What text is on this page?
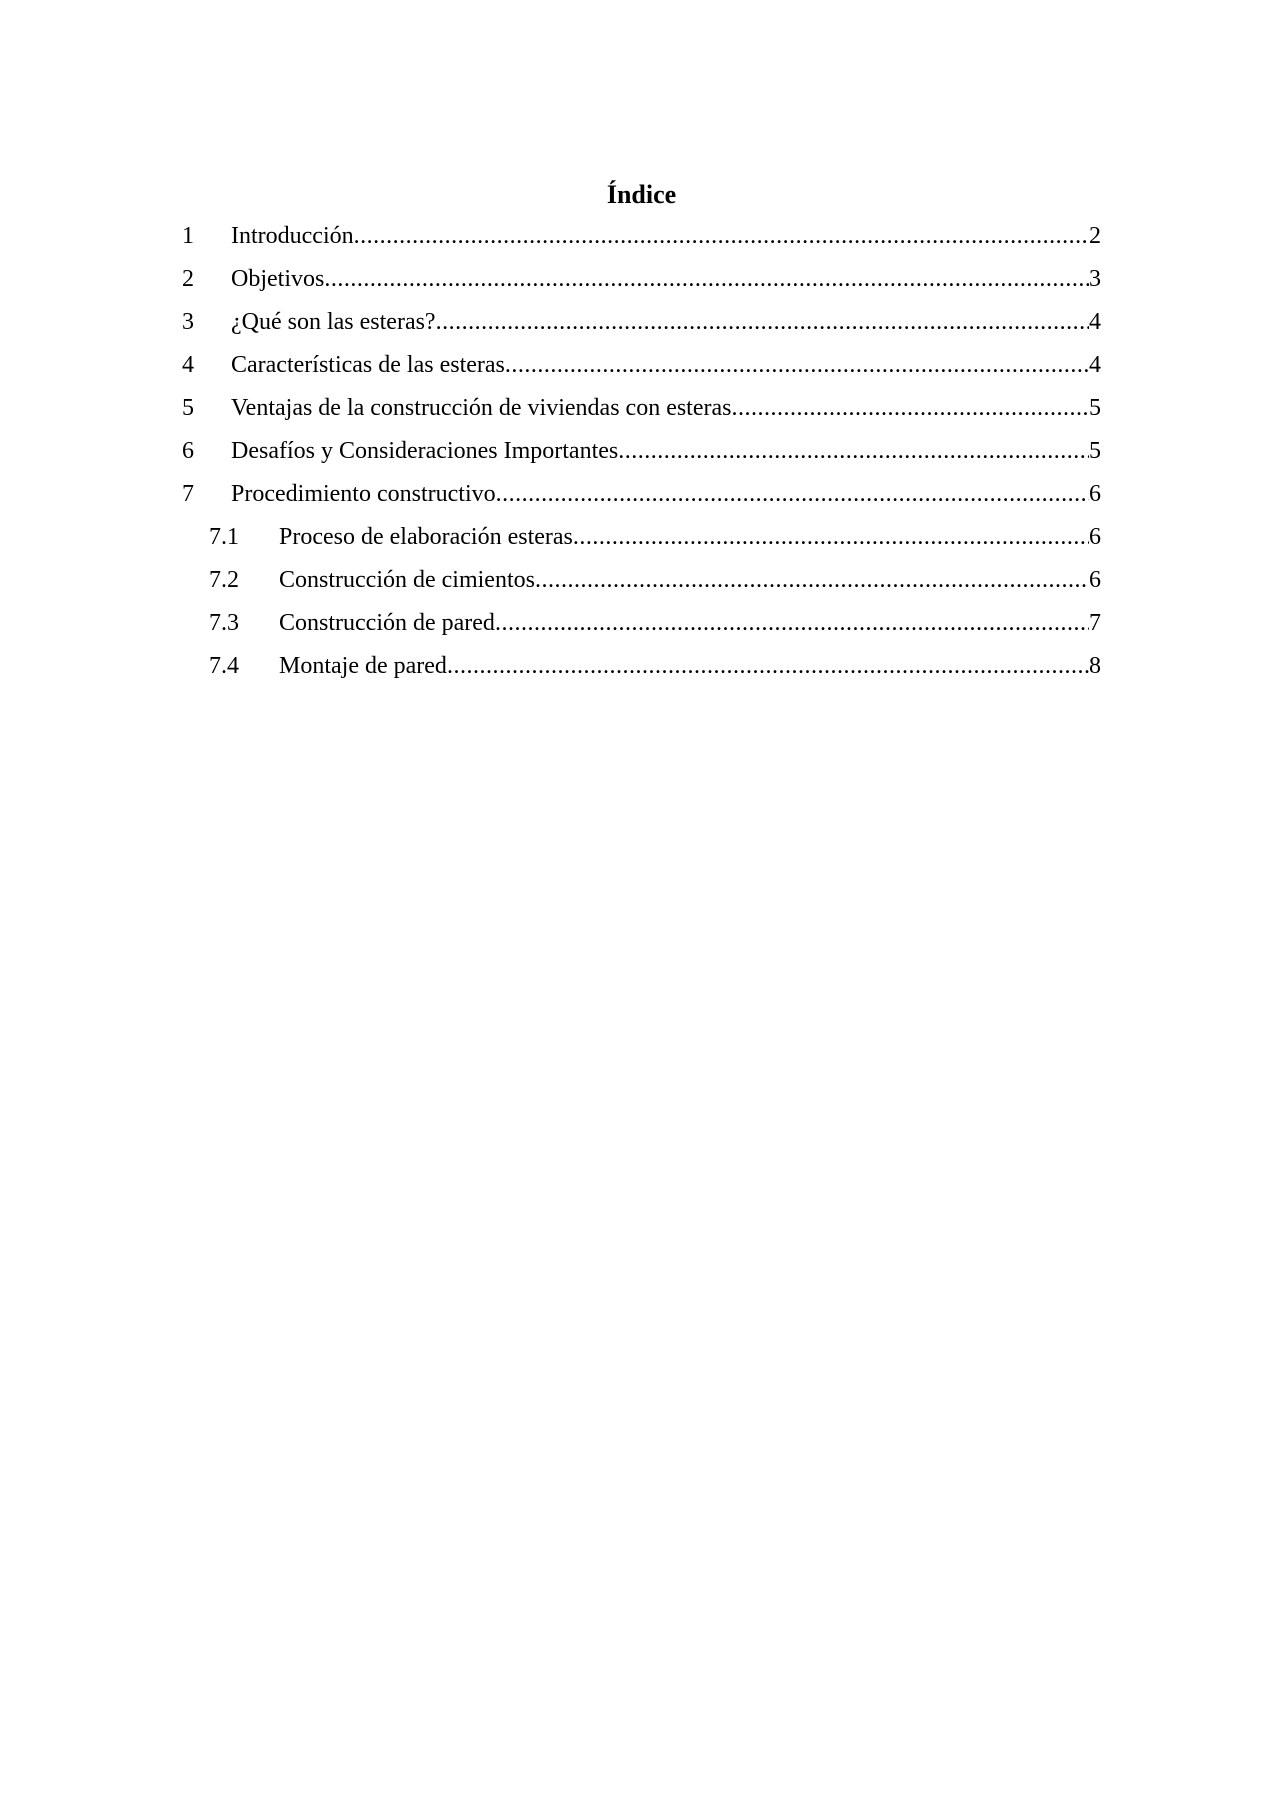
Índice
1	Introducción .....	2
2	Objetivos .....	3
3	¿Qué son las esteras? .....	4
4	Características de las esteras .....	4
5	Ventajas de la construcción de viviendas con esteras .....	5
6	Desafíos y Consideraciones Importantes .....	5
7	Procedimiento constructivo .....	6
7.1	Proceso de elaboración esteras .....	6
7.2	Construcción de cimientos .....	6
7.3	Construcción de pared .....	7
7.4	Montaje de pared .....	8
